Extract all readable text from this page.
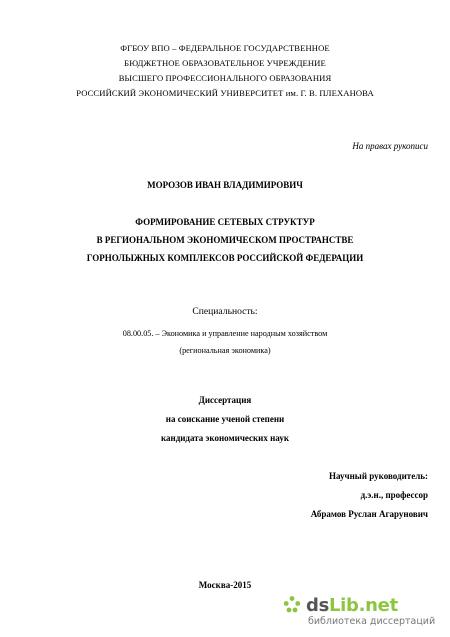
ФГБОУ ВПО – ФЕДЕРАЛЬНОЕ ГОСУДАРСТВЕННОЕ
БЮДЖЕТНОЕ ОБРАЗОВАТЕЛЬНОЕ УЧРЕЖДЕНИЕ
ВЫСШЕГО ПРОФЕССИОНАЛЬНОГО ОБРАЗОВАНИЯ
РОССИЙСКИЙ ЭКОНОМИЧЕСКИЙ УНИВЕРСИТЕТ им. Г. В. ПЛЕХАНОВА
На правах рукописи
МОРОЗОВ ИВАН ВЛАДИМИРОВИЧ
ФОРМИРОВАНИЕ СЕТЕВЫХ СТРУКТУР
В РЕГИОНАЛЬНОМ ЭКОНОМИЧЕСКОМ ПРОСТРАНСТВЕ
ГОРНОЛЫЖНЫХ КОМПЛЕКСОВ РОССИЙСКОЙ ФЕДЕРАЦИИ
Специальность:
08.00.05. – Экономика и управление народным хозяйством
(региональная экономика)
Диссертация
на соискание ученой степени
кандидата экономических наук
Научный руководитель:
д.э.н., профессор
Абрамов Руслан Агарунович
Москва-2015
ds Lib.net
библиотека диссертаций
